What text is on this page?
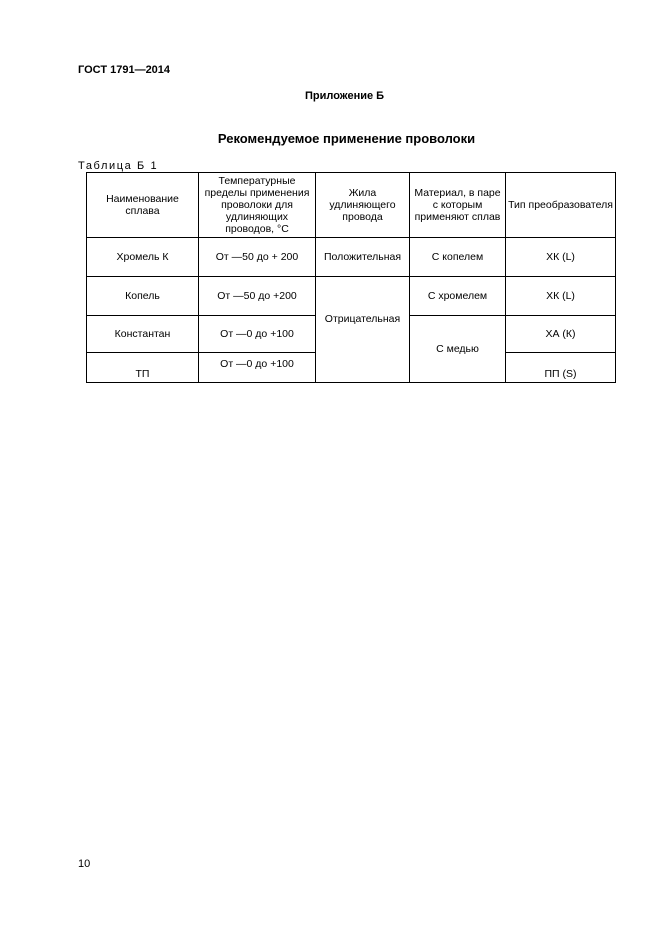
ГОСТ 1791—2014
Приложение Б
Рекомендуемое применение проволоки
Таблица Б 1
Наименование сплава	Температурные пределы применения проволоки для удлиняющих проводов, °С	Жила удлиняющего провода	Материал, в паре с которым применяют сплав	Тип преобразователя
Хромель К	От —50 до + 200	Положительная	С копелем	ХК (L)
Копель	От —50 до +200	Отрицательная	С хромелем	ХК (L)
Константан	От —0 до +100		С медью	ХА (К)
ТП	От —0 до +100			ПП (S)
10
